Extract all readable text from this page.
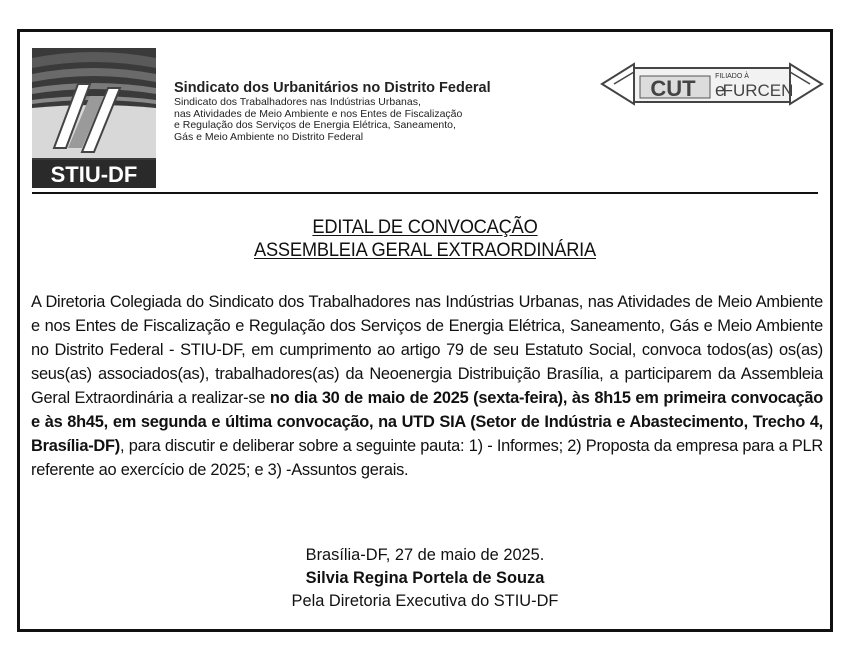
STIU-DF
Sindicato dos Urbanitários no Distrito Federal
Sindicato dos Trabalhadores nas Indústrias Urbanas,
nas Atividades de Meio Ambiente e nos Entes de Fiscalização
e Regulação dos Serviços de Energia Elétrica, Saneamento,
Gás e Meio Ambiente no Distrito Federal
FILIADO À
CUT e
FURCEN
EDITAL DE CONVOCAÇÃO
ASSEMBLEIA GERAL EXTRAORDINÁRIA
A Diretoria Colegiada do Sindicato dos Trabalhadores nas Indústrias Urbanas, nas Atividades de Meio Ambiente e nos Entes de Fiscalização e Regulação dos Serviços de Energia Elétrica, Saneamento, Gás e Meio Ambiente no Distrito Federal - STIU-DF, em cumprimento ao artigo 79 de seu Estatuto Social, convoca todos(as) os(as) seus(as) associados(as), trabalhadores(as) da Neoenergia Distribuição Brasília, a participarem da Assembleia Geral Extraordinária a realizar-se no dia 30 de maio de 2025 (sexta-feira), às 8h15 em primeira convocação e às 8h45, em segunda e última convocação, na UTD SIA (Setor de Indústria e Abastecimento, Trecho 4, Brasília-DF), para discutir e deliberar sobre a seguinte pauta: 1) - Informes; 2) Proposta da empresa para a PLR referente ao exercício de 2025; e 3) -Assuntos gerais.
Brasília-DF, 27 de maio de 2025.
Silvia Regina Portela de Souza
Pela Diretoria Executiva do STIU-DF
